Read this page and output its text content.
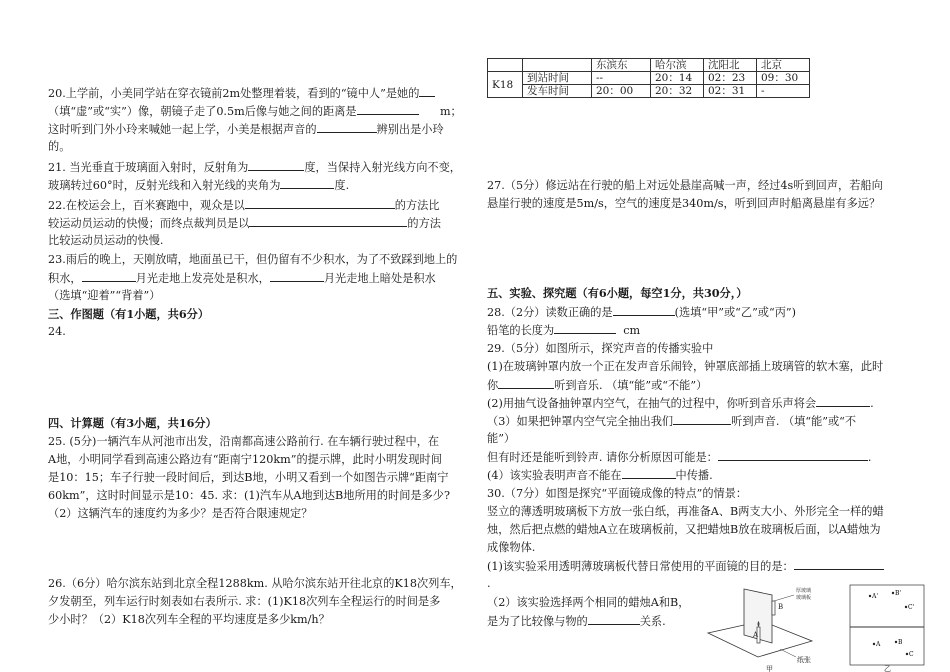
20.上学前，小美同学站在穿衣镜前2m处整理着装，看到的“镜中人”是她的
（填“虚”或“实”）像，朝镜子走了0.5m后像与她之间的距离是	m；
这时听到门外小玲来喊她一起上学，小美是根据声音的	辨别出是小玲
的。
21. 当光垂直于玻璃面入射时，反射角为	度，当保持入射光线方向不变，
玻璃转过60°时，反射光线和入射光线的夹角为	度.
22.在校运会上，百米赛跑中，观众是以	的方法比
较运动员运动的快慢；而终点裁判员是以	的方法
比较运动员运动的快慢.
23.雨后的晚上，天刚放晴，地面虽已干，但仍留有不少积水，为了不致踩到地上的
积水，	月光走地上发亮处是积水，	月光走地上暗处是积水
（选填“迎着”“背着”）
三、作图题（有1小题，共6分）
24.
四、计算题（有3小题，共16分）
25. (5分)一辆汽车从河池市出发，沿南都高速公路前行. 在车辆行驶过程中，在
A地，小明同学看到高速公路边有“距南宁120km”的提示牌，此时小明发现时间
是10：15；车子行驶一段时间后，到达B地，小明又看到一个如图告示牌“距南宁
60km”，这时时间显示是10：45. 求：(1)汽车从A地到达B地所用的时间是多少?
（2）这辆汽车的速度约为多少？是否符合限速规定？
26.（6分）哈尔滨东站到北京全程1288km. 从哈尔滨东站开往北京的K18次列车，
夕发朝至，列车运行时刻表如右表所示. 求：(1)K18次列车全程运行的时间是多
少小时？（2）K18次列车全程的平均速度是多少km/h？
		东滨东	哈尔滨	沈阳北	北京
K18	到站时间	--	20：14	02：23	09：30
	发车时间	20：00	20：32	02：31	-
27.（5分）修远站在行驶的船上对远处悬崖高喊一声，经过4s听到回声，若船向
悬崖行驶的速度是5m/s，空气的速度是340m/s，听到回声时船离悬崖有多远？
五、实验、探究题（有6小题，每空1分，共30分，）
28.（2分）读数正确的是	(选填“甲”或“乙”或“丙”)
铅笔的长度为	cm
29.（5分）如图所示，探究声音的传播实验中
(1)在玻璃钟罩内放一个正在发声音乐闹铃，钟罩底部插上玻璃管的软木塞，此时
你	听到音乐. （填“能”或“不能”）
(2)用抽气设备抽钟罩内空气，在抽气的过程中，你听到音乐声将会	.
（3）如果把钟罩内空气完全抽出我们	听到声音. （填“能”或“不
能”）
但有时还是能听到铃声. 请你分析原因可能是：	.
(4）该实验表明声音不能在	中传播.
30.（7分）如图是探究“平面镜成像的特点”的情景：
竖立的薄透明玻璃板下方放一张白纸，再准备A、B两支大小、外形完全一样的蜡
烛，然后把点燃的蜡烛A立在玻璃板前，又把蜡烛B放在玻璃板后面，以A蜡烛为
成像物体.
(1)该实验采用透明薄玻璃板代替日常使用的平面镜的目的是：
.
（2）该实验选择两个相同的蜡烛A和B，
是为了比较像与物的	关系.
A
B
纸张
厚玻璃
玻璃板
甲
A'	B'
C'
A	B
C
乙
